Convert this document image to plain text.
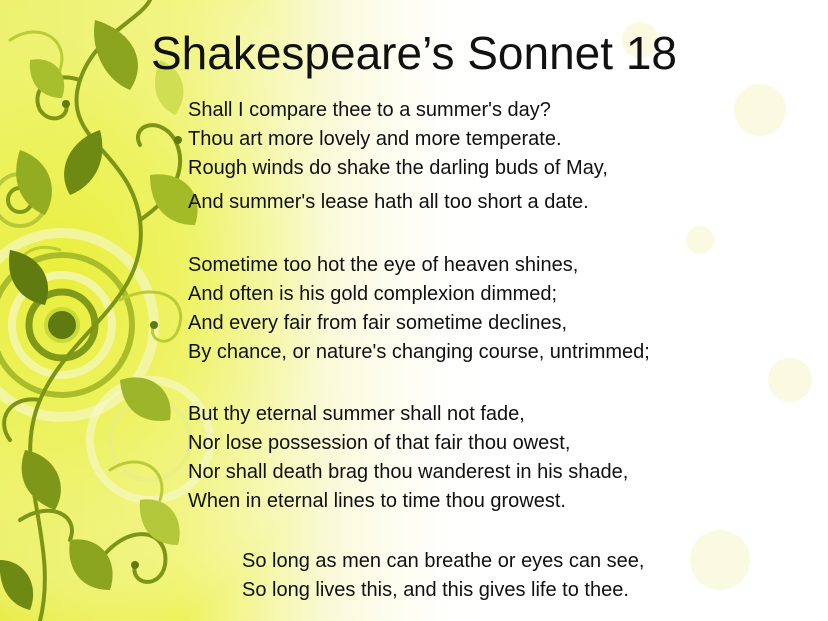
Shakespeare’s Sonnet 18
Shall I compare thee to a summer's day?
Thou art more lovely and more temperate.
Rough winds do shake the darling buds of May,
And summer's lease hath all too short a date.
Sometime too hot the eye of heaven shines,
And often is his gold complexion dimmed;
And every fair from fair sometime declines,
By chance, or nature's changing course, untrimmed;
But thy eternal summer shall not fade,
Nor lose possession of that fair thou owest,
Nor shall death brag thou wanderest in his shade,
When in eternal lines to time thou growest.
So long as men can breathe or eyes can see,
So long lives this, and this gives life to thee.
